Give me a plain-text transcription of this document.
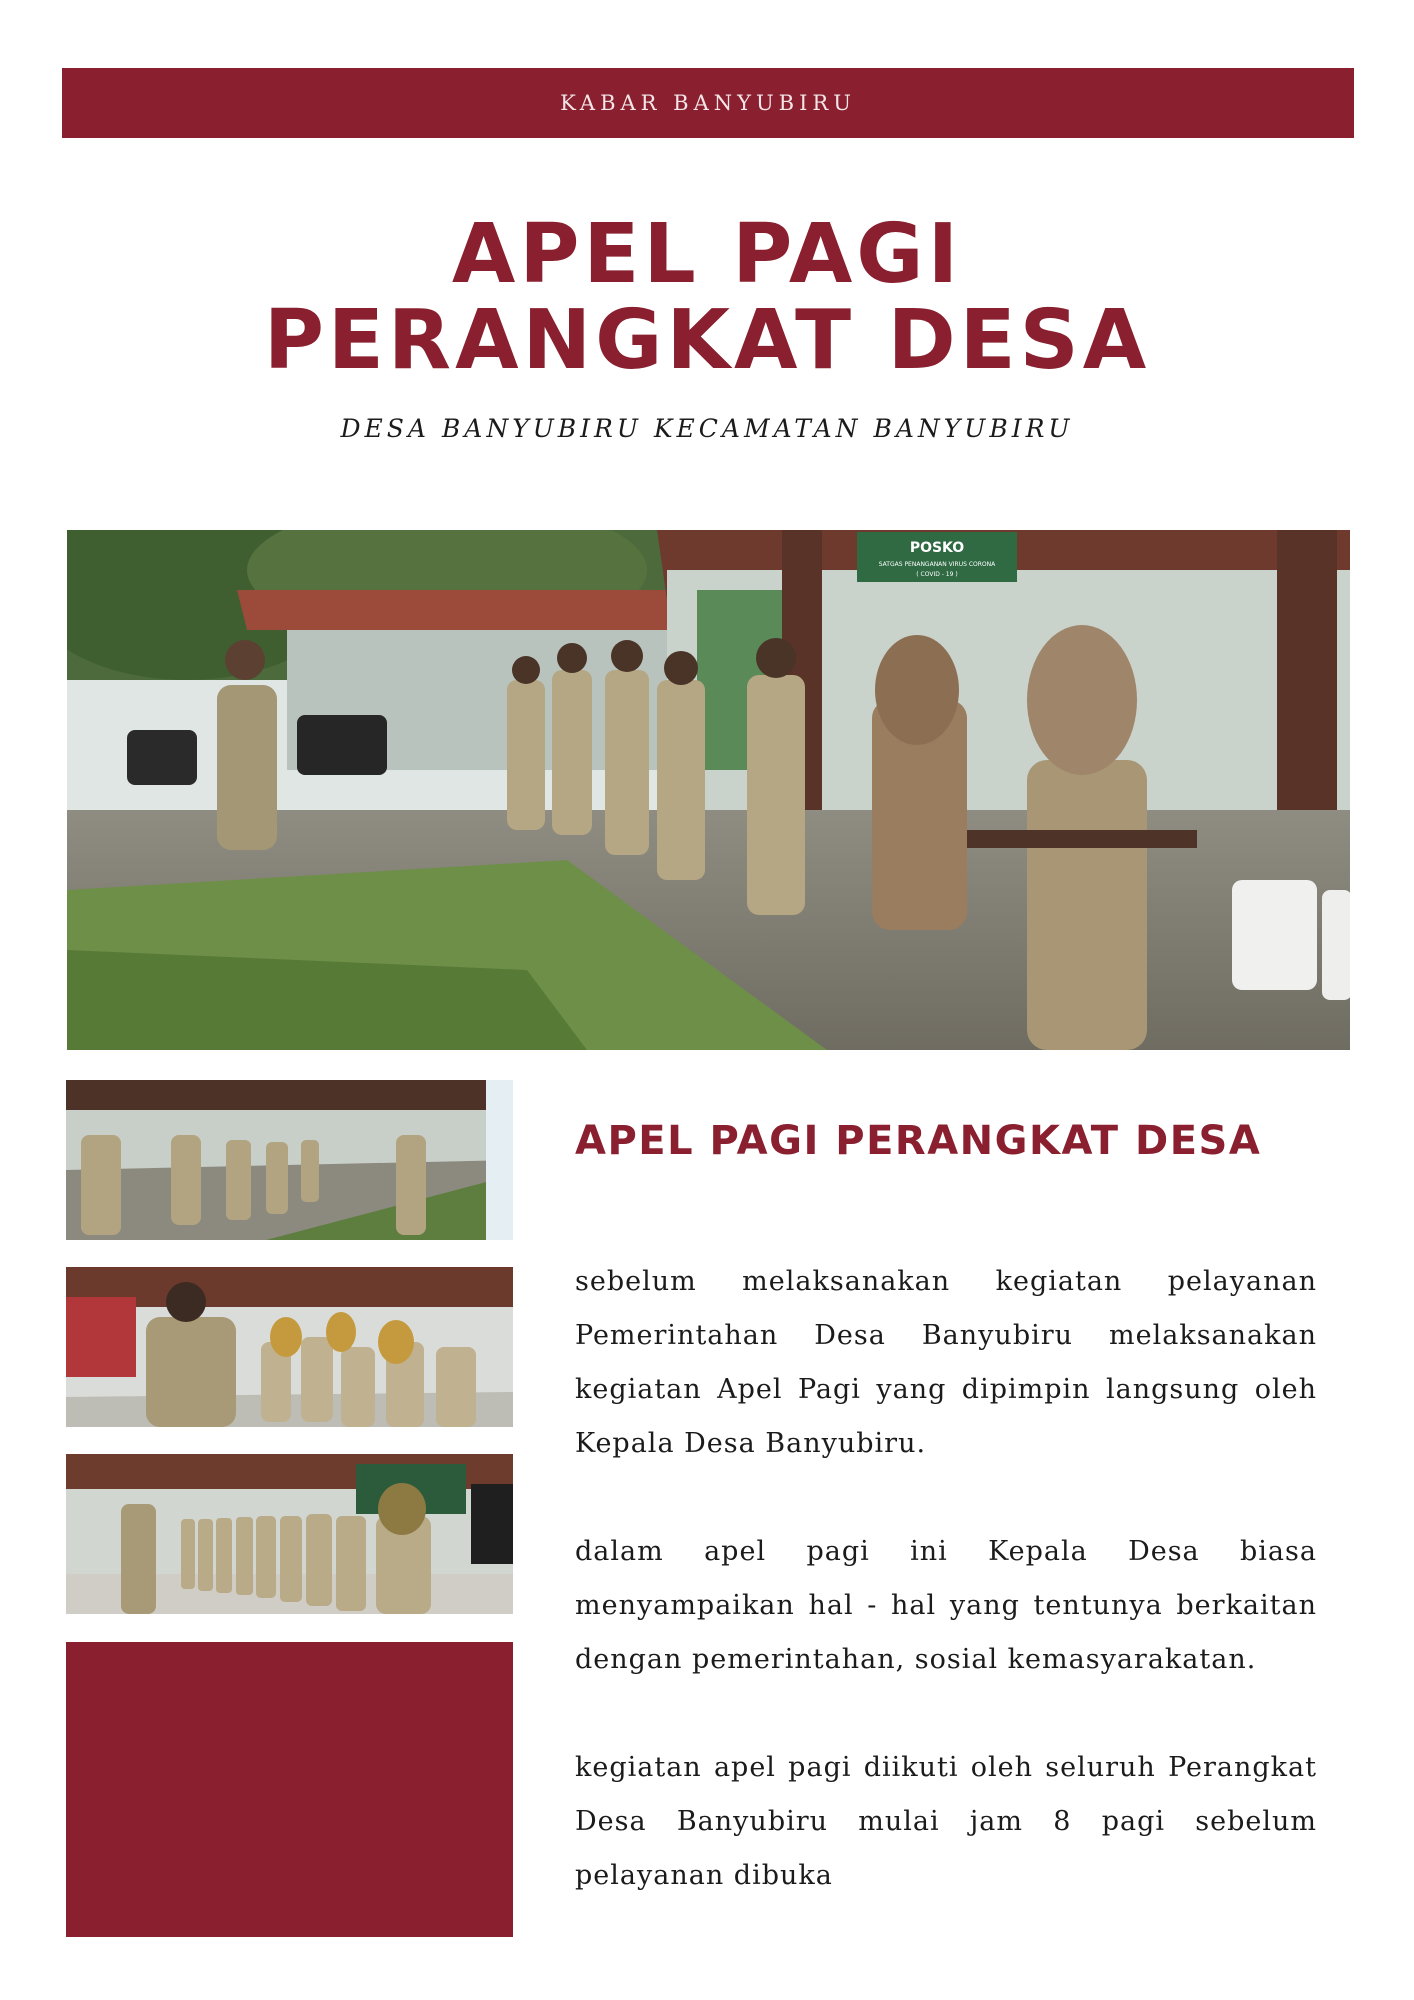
KABAR BANYUBIRU
APEL PAGI
PERANGKAT DESA
DESA BANYUBIRU KECAMATAN BANYUBIRU
POSKO
SATGAS PENANGANAN VIRUS CORONA
( COVID - 19 )
APEL PAGI PERANGKAT DESA

sebelum melaksanakan kegiatan pelayanan Pemerintahan Desa Banyubiru melaksanakan kegiatan Apel Pagi yang dipimpin langsung oleh Kepala Desa Banyubiru.

dalam apel pagi ini Kepala Desa biasa menyampaikan hal - hal yang tentunya berkaitan dengan pemerintahan, sosial kemasyarakatan.

kegiatan apel pagi diikuti oleh seluruh Perangkat Desa Banyubiru mulai jam 8 pagi sebelum pelayanan dibuka
